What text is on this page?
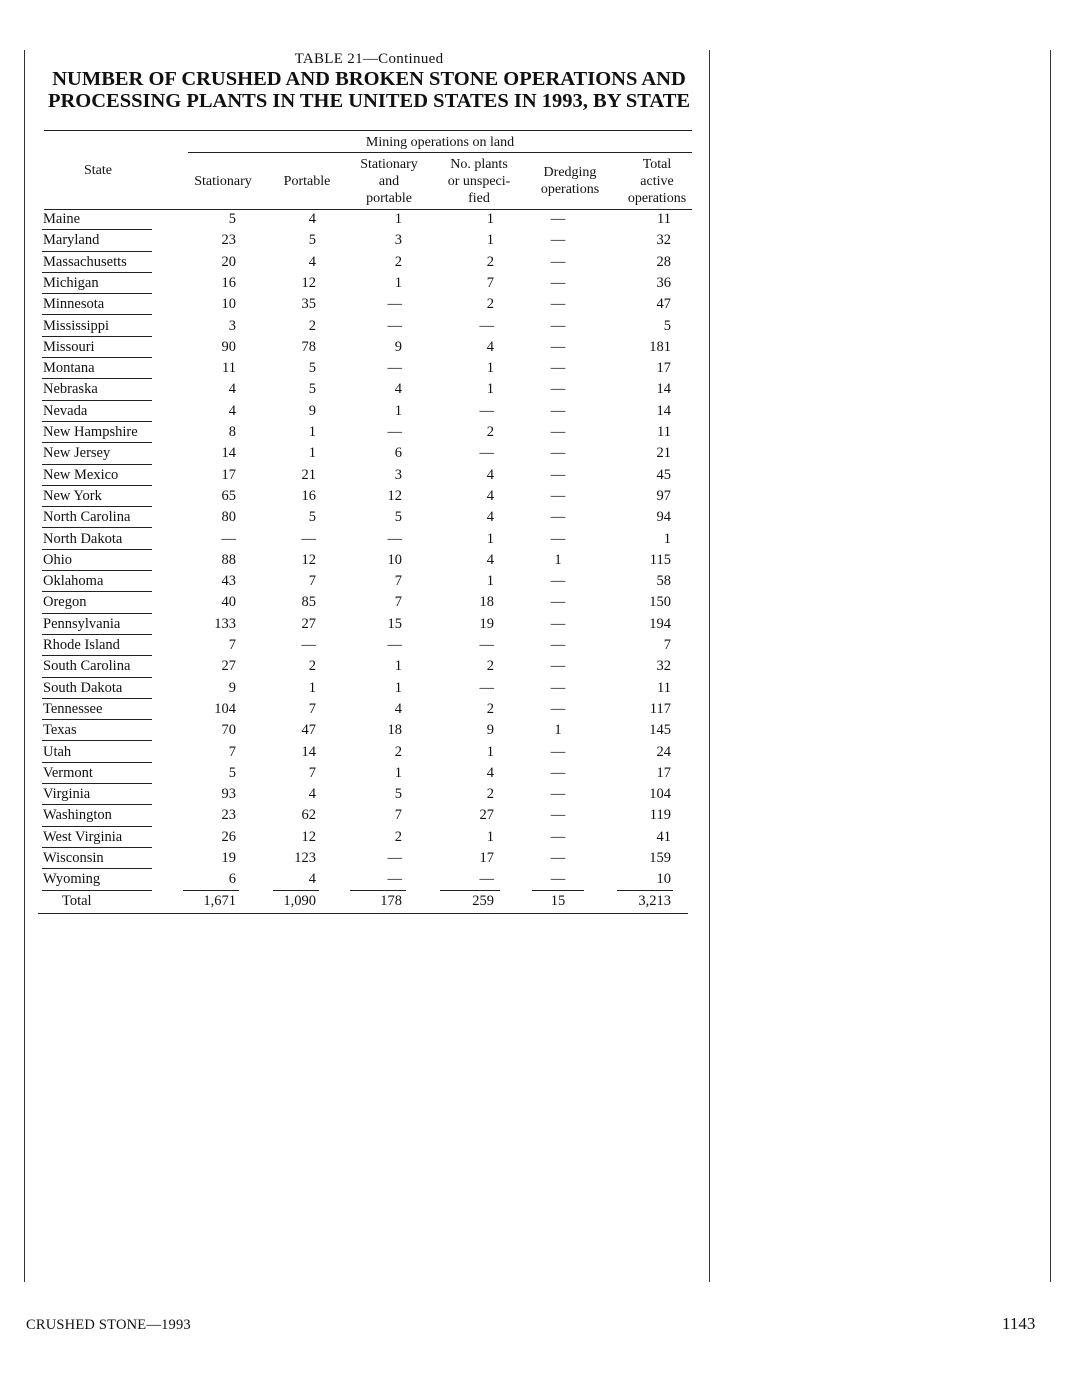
TABLE 21—Continued
NUMBER OF CRUSHED AND BROKEN STONE OPERATIONS AND
PROCESSING PLANTS IN THE UNITED STATES IN 1993, BY STATE
State
Mining operations on land
Stationary	Portable
Stationary
and
portable
No. plants
or unspeci-
fied
Dredging
operations
Total
active
operations
Maine	5	4	1	1	—	11
Maryland	23	5	3	1	—	32
Massachusetts	20	4	2	2	—	28
Michigan	16	12	1	7	—	36
Minnesota	10	35	—	2	—	47
Mississippi	3	2	—	—	—	5
Missouri	90	78	9	4	—	181
Montana	11	5	—	1	—	17
Nebraska	4	5	4	1	—	14
Nevada	4	9	1	—	—	14
New Hampshire	8	1	—	2	—	11
New Jersey	14	1	6	—	—	21
New Mexico	17	21	3	4	—	45
New York	65	16	12	4	—	97
North Carolina	80	5	5	4	—	94
North Dakota	—	—	—	1	—	1
Ohio	88	12	10	4	1	115
Oklahoma	43	7	7	1	—	58
Oregon	40	85	7	18	—	150
Pennsylvania	133	27	15	19	—	194
Rhode Island	7	—	—	—	—	7
South Carolina	27	2	1	2	—	32
South Dakota	9	1	1	—	—	11
Tennessee	104	7	4	2	—	117
Texas	70	47	18	9	1	145
Utah	7	14	2	1	—	24
Vermont	5	7	1	4	—	17
Virginia	93	4	5	2	—	104
Washington	23	62	7	27	—	119
West Virginia	26	12	2	1	—	41
Wisconsin	19	123	—	17	—	159
Wyoming	6	4	—	—	—	10
Total	1,671	1,090	178	259	15	3,213
CRUSHED STONE—1993	1143
